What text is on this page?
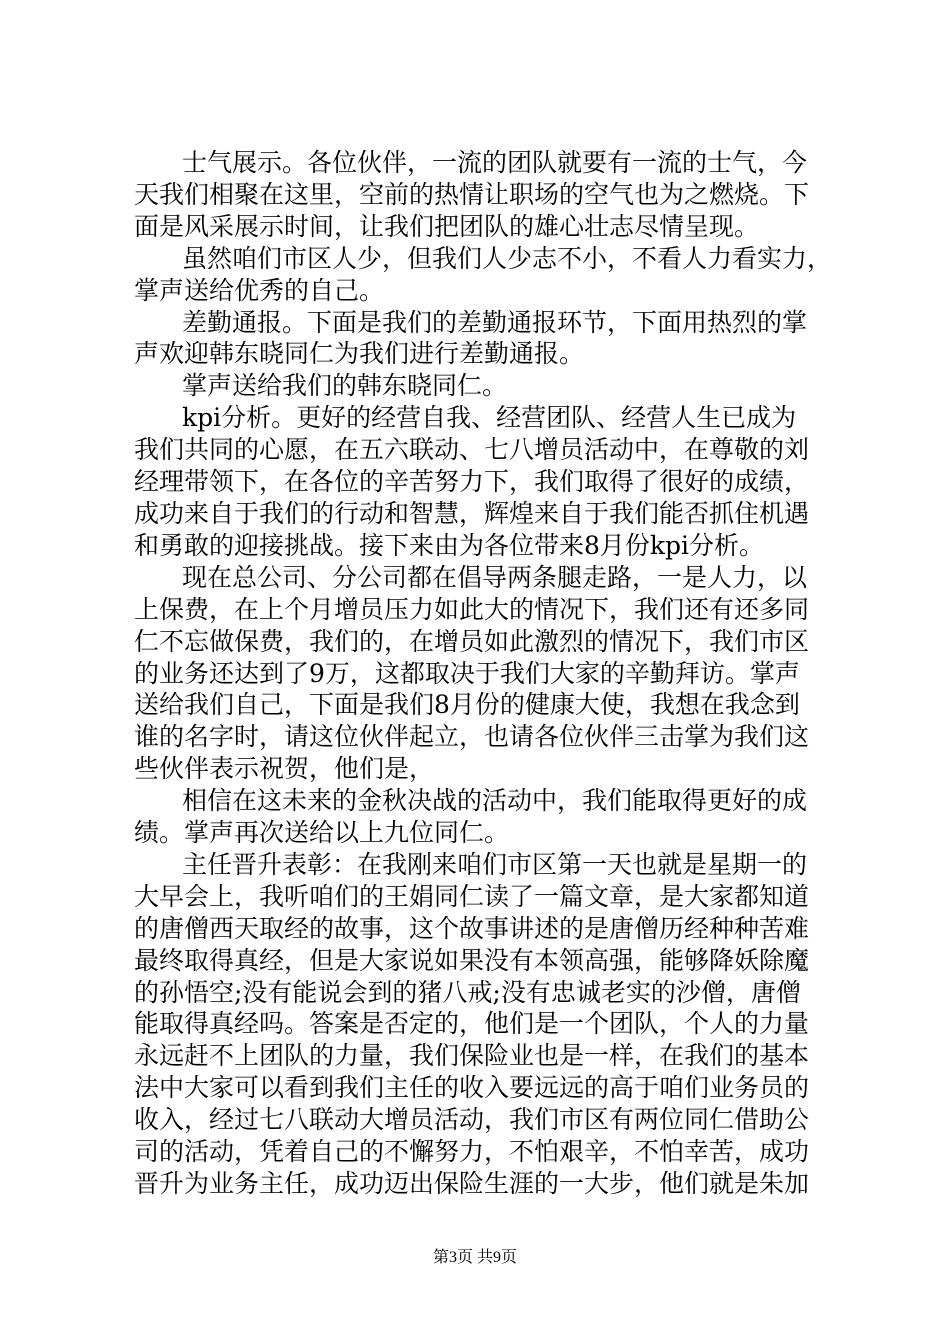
士气展示。各位伙伴，一流的团队就要有一流的士气，今
天我们相聚在这里，空前的热情让职场的空气也为之燃烧。下
面是风采展示时间，让我们把团队的雄心壮志尽情呈现。

虽然咱们市区人少，但我们人少志不小，不看人力看实力，
掌声送给优秀的自己。

差勤通报。下面是我们的差勤通报环节，下面用热烈的掌
声欢迎韩东晓同仁为我们进行差勤通报。

掌声送给我们的韩东晓同仁。

kpi分析。更好的经营自我、经营团队、经营人生已成为
我们共同的心愿，在五六联动、七八增员活动中，在尊敬的刘
经理带领下，在各位的辛苦努力下，我们取得了很好的成绩，
成功来自于我们的行动和智慧，辉煌来自于我们能否抓住机遇
和勇敢的迎接挑战。接下来由为各位带来8月份kpi分析。

现在总公司、分公司都在倡导两条腿走路，一是人力，以
上保费，在上个月增员压力如此大的情况下，我们还有还多同
仁不忘做保费，我们的，在增员如此激烈的情况下，我们市区
的业务还达到了9万，这都取决于我们大家的辛勤拜访。掌声
送给我们自己，下面是我们8月份的健康大使，我想在我念到
谁的名字时，请这位伙伴起立，也请各位伙伴三击掌为我们这
些伙伴表示祝贺，他们是，

相信在这未来的金秋决战的活动中，我们能取得更好的成
绩。掌声再次送给以上九位同仁。

主任晋升表彰：在我刚来咱们市区第一天也就是星期一的
大早会上，我听咱们的王娟同仁读了一篇文章，是大家都知道
的唐僧西天取经的故事，这个故事讲述的是唐僧历经种种苦难
最终取得真经，但是大家说如果没有本领高强，能够降妖除魔
的孙悟空;没有能说会到的猪八戒;没有忠诚老实的沙僧，唐僧
能取得真经吗。答案是否定的，他们是一个团队，个人的力量
永远赶不上团队的力量，我们保险业也是一样，在我们的基本
法中大家可以看到我们主任的收入要远远的高于咱们业务员的
收入，经过七八联动大增员活动，我们市区有两位同仁借助公
司的活动，凭着自己的不懈努力，不怕艰辛，不怕幸苦，成功
晋升为业务主任，成功迈出保险生涯的一大步，他们就是朱加

第3页 共9页
